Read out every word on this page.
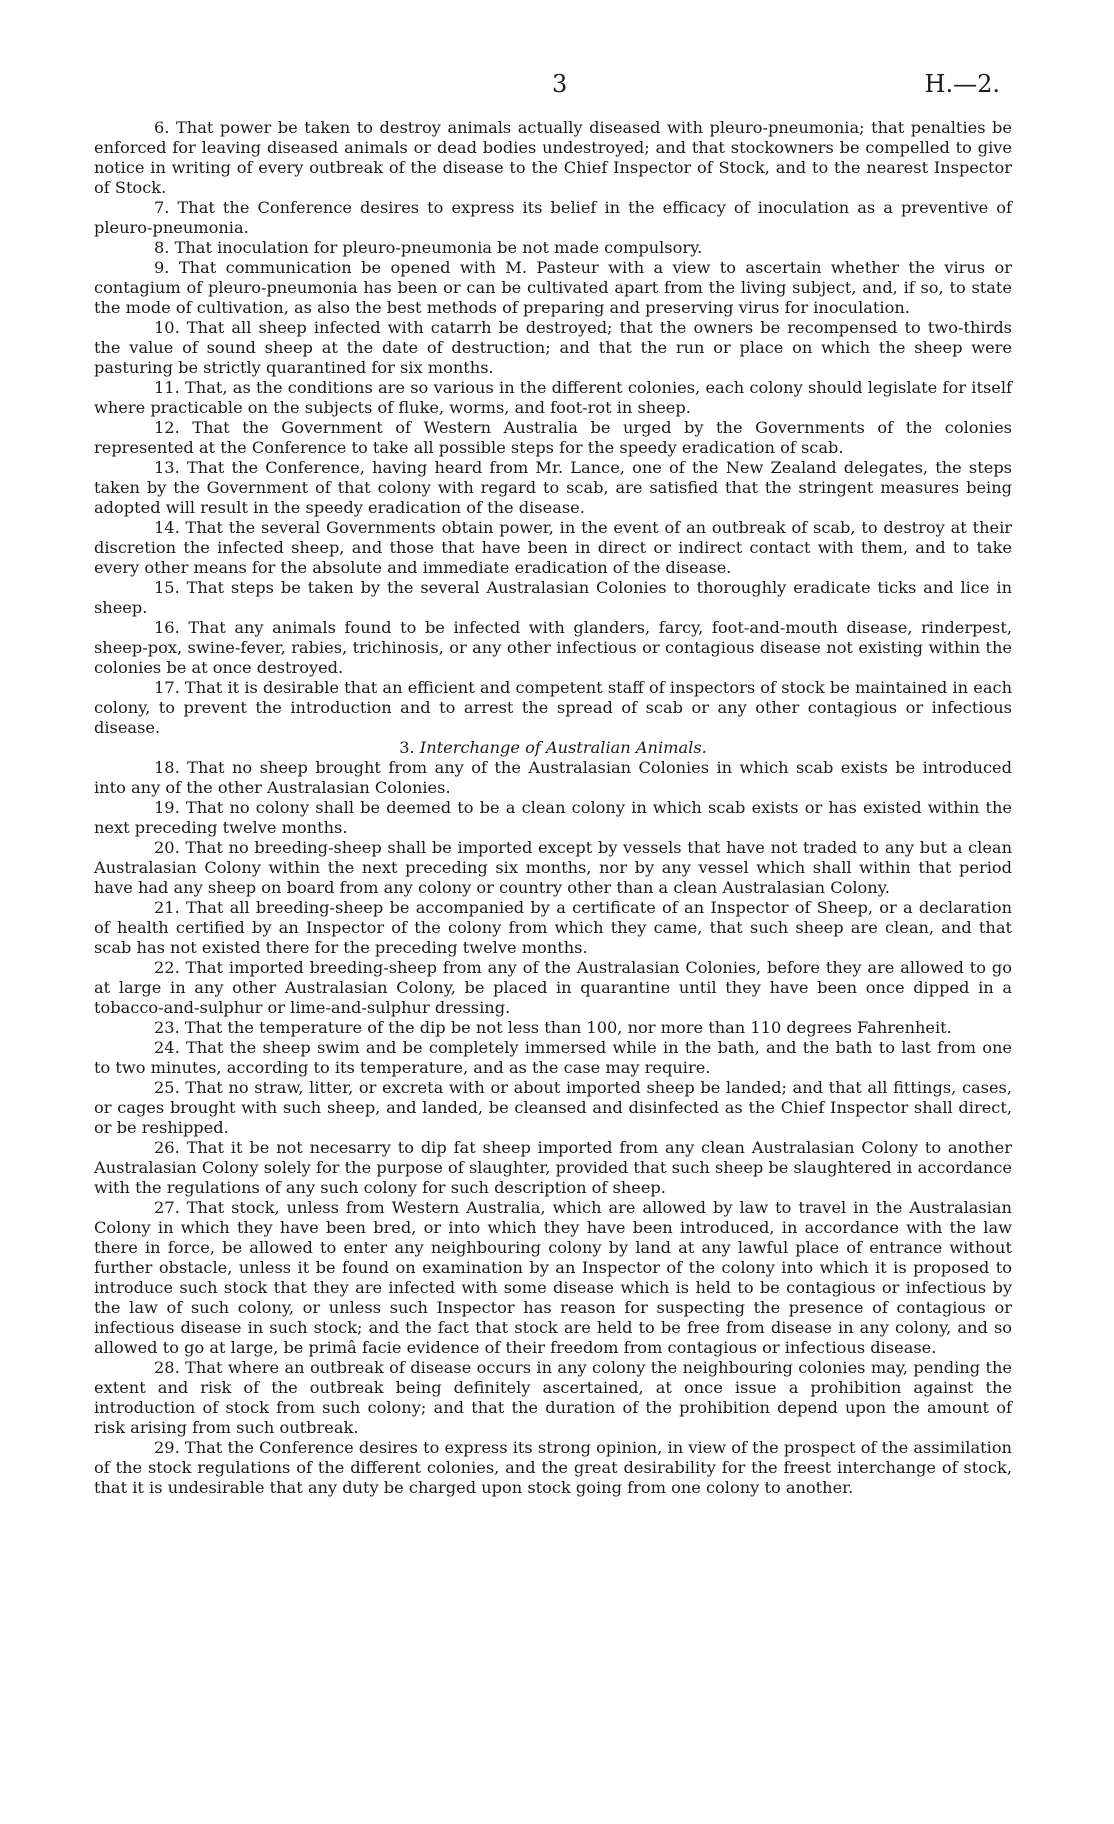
3	H.—2.

6. That power be taken to destroy animals actually diseased with pleuro-pneumonia; that penalties be enforced for leaving diseased animals or dead bodies undestroyed; and that stockowners be compelled to give notice in writing of every outbreak of the disease to the Chief Inspector of Stock, and to the nearest Inspector of Stock.

7. That the Conference desires to express its belief in the efficacy of inoculation as a preventive of pleuro-pneumonia.

8. That inoculation for pleuro-pneumonia be not made compulsory.

9. That communication be opened with M. Pasteur with a view to ascertain whether the virus or contagium of pleuro-pneumonia has been or can be cultivated apart from the living subject, and, if so, to state the mode of cultivation, as also the best methods of preparing and preserving virus for inoculation.

10. That all sheep infected with catarrh be destroyed; that the owners be recompensed to two-thirds the value of sound sheep at the date of destruction; and that the run or place on which the sheep were pasturing be strictly quarantined for six months.

11. That, as the conditions are so various in the different colonies, each colony should legislate for itself where practicable on the subjects of fluke, worms, and foot-rot in sheep.

12. That the Government of Western Australia be urged by the Governments of the colonies represented at the Conference to take all possible steps for the speedy eradication of scab.

13. That the Conference, having heard from Mr. Lance, one of the New Zealand delegates, the steps taken by the Government of that colony with regard to scab, are satisfied that the stringent measures being adopted will result in the speedy eradication of the disease.

14. That the several Governments obtain power, in the event of an outbreak of scab, to destroy at their discretion the infected sheep, and those that have been in direct or indirect contact with them, and to take every other means for the absolute and immediate eradication of the disease.

15. That steps be taken by the several Australasian Colonies to thoroughly eradicate ticks and lice in sheep.

16. That any animals found to be infected with glanders, farcy, foot-and-mouth disease, rinderpest, sheep-pox, swine-fever, rabies, trichinosis, or any other infectious or contagious disease not existing within the colonies be at once destroyed.

17. That it is desirable that an efficient and competent staff of inspectors of stock be maintained in each colony, to prevent the introduction and to arrest the spread of scab or any other contagious or infectious disease.

3. Interchange of Australian Animals.

18. That no sheep brought from any of the Australasian Colonies in which scab exists be introduced into any of the other Australasian Colonies.

19. That no colony shall be deemed to be a clean colony in which scab exists or has existed within the next preceding twelve months.

20. That no breeding-sheep shall be imported except by vessels that have not traded to any but a clean Australasian Colony within the next preceding six months, nor by any vessel which shall within that period have had any sheep on board from any colony or country other than a clean Australasian Colony.

21. That all breeding-sheep be accompanied by a certificate of an Inspector of Sheep, or a declaration of health certified by an Inspector of the colony from which they came, that such sheep are clean, and that scab has not existed there for the preceding twelve months.

22. That imported breeding-sheep from any of the Australasian Colonies, before they are allowed to go at large in any other Australasian Colony, be placed in quarantine until they have been once dipped in a tobacco-and-sulphur or lime-and-sulphur dressing.

23. That the temperature of the dip be not less than 100, nor more than 110 degrees Fahrenheit.

24. That the sheep swim and be completely immersed while in the bath, and the bath to last from one to two minutes, according to its temperature, and as the case may require.

25. That no straw, litter, or excreta with or about imported sheep be landed; and that all fittings, cases, or cages brought with such sheep, and landed, be cleansed and disinfected as the Chief Inspector shall direct, or be reshipped.

26. That it be not necesarry to dip fat sheep imported from any clean Australasian Colony to another Australasian Colony solely for the purpose of slaughter, provided that such sheep be slaughtered in accordance with the regulations of any such colony for such description of sheep.

27. That stock, unless from Western Australia, which are allowed by law to travel in the Australasian Colony in which they have been bred, or into which they have been introduced, in accordance with the law there in force, be allowed to enter any neighbouring colony by land at any lawful place of entrance without further obstacle, unless it be found on examination by an Inspector of the colony into which it is proposed to introduce such stock that they are infected with some disease which is held to be contagious or infectious by the law of such colony, or unless such Inspector has reason for suspecting the presence of contagious or infectious disease in such stock; and the fact that stock are held to be free from disease in any colony, and so allowed to go at large, be primâ facie evidence of their freedom from contagious or infectious disease.

28. That where an outbreak of disease occurs in any colony the neighbouring colonies may, pending the extent and risk of the outbreak being definitely ascertained, at once issue a prohibition against the introduction of stock from such colony; and that the duration of the prohibition depend upon the amount of risk arising from such outbreak.

29. That the Conference desires to express its strong opinion, in view of the prospect of the assimilation of the stock regulations of the different colonies, and the great desirability for the freest interchange of stock, that it is undesirable that any duty be charged upon stock going from one colony to another.
